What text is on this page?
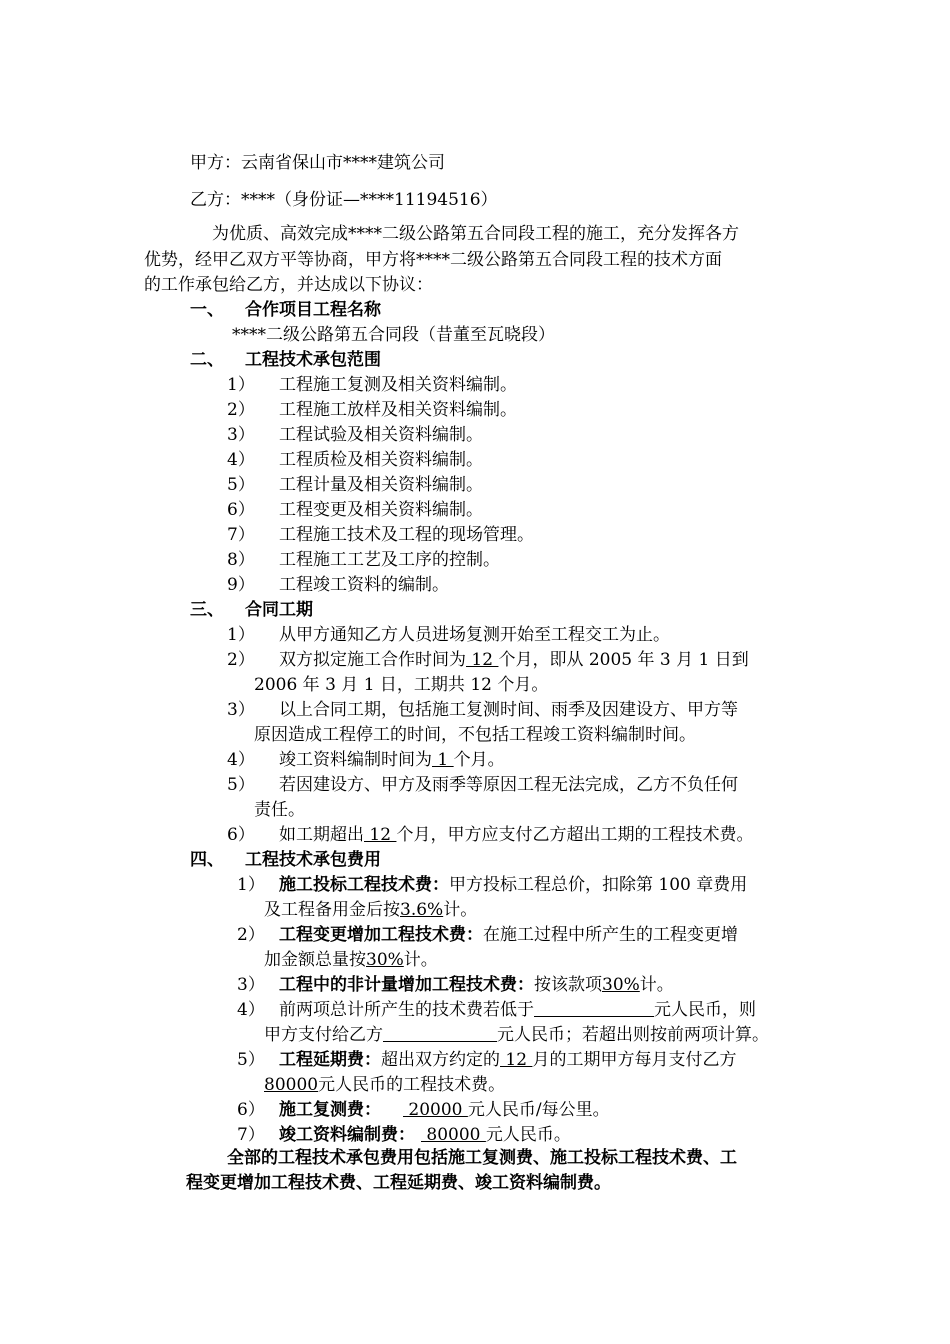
甲方：云南省保山市****建筑公司
乙方：****（身份证—****11194516）
为优质、高效完成****二级公路第五合同段工程的施工，充分发挥各方
优势，经甲乙双方平等协商，甲方将****二级公路第五合同段工程的技术方面
的工作承包给乙方，并达成以下协议：
一、 合作项目工程名称
****二级公路第五合同段（昔董至瓦晓段）
二、 工程技术承包范围
1） 工程施工复测及相关资料编制。
2） 工程施工放样及相关资料编制。
3） 工程试验及相关资料编制。
4） 工程质检及相关资料编制。
5） 工程计量及相关资料编制。
6） 工程变更及相关资料编制。
7） 工程施工技术及工程的现场管理。
8） 工程施工工艺及工序的控制。
9） 工程竣工资料的编制。
三、 合同工期
1） 从甲方通知乙方人员进场复测开始至工程交工为止。
2） 双方拟定施工合作时间为 12 个月，即从 2005 年 3 月 1 日到
2006 年 3 月 1 日，工期共 12 个月。
3） 以上合同工期，包括施工复测时间、雨季及因建设方、甲方等
原因造成工程停工的时间，不包括工程竣工资料编制时间。
4） 竣工资料编制时间为 1 个月。
5） 若因建设方、甲方及雨季等原因工程无法完成，乙方不负任何
责任。
6） 如工期超出 12 个月，甲方应支付乙方超出工期的工程技术费。
四、 工程技术承包费用
1） 施工投标工程技术费：甲方投标工程总价，扣除第 100 章费用
及工程备用金后按3.6%计。
2） 工程变更增加工程技术费：在施工过程中所产生的工程变更增
加金额总量按30%计。
3） 工程中的非计量增加工程技术费：按该款项30%计。
4） 前两项总计所产生的技术费若低于	元人民币，则
甲方支付给乙方	元人民币；若超出则按前两项计算。
5） 工程延期费：超出双方约定的 12 月的工期甲方每月支付乙方
80000元人民币的工程技术费。
6） 施工复测费： 20000 元人民币/每公里。
7） 竣工资料编制费： 80000 元人民币。
全部的工程技术承包费用包括施工复测费、施工投标工程技术费、工
程变更增加工程技术费、工程延期费、竣工资料编制费。
